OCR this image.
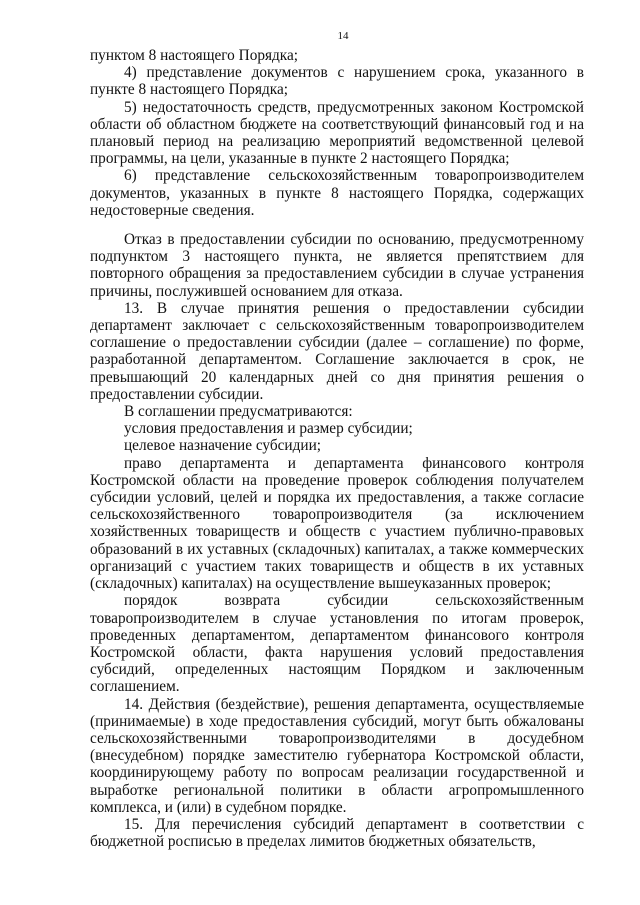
14

пунктом 8 настоящего Порядка;

4) представление документов с нарушением срока, указанного в пункте 8 настоящего Порядка;

5) недостаточность средств, предусмотренных законом Костромской области об областном бюджете на соответствующий финансовый год и на плановый период на реализацию мероприятий ведомственной целевой программы, на цели, указанные в пункте 2 настоящего Порядка;

6) представление сельскохозяйственным товаропроизводителем документов, указанных в пункте 8 настоящего Порядка, содержащих недостоверные сведения.

Отказ в предоставлении субсидии по основанию, предусмотренному подпунктом 3 настоящего пункта, не является препятствием для повторного обращения за предоставлением субсидии в случае устранения причины, послужившей основанием для отказа.

13. В случае принятия решения о предоставлении субсидии департамент заключает с сельскохозяйственным товаропроизводителем соглашение о предоставлении субсидии (далее – соглашение) по форме, разработанной департаментом. Соглашение заключается в срок, не превышающий 20 календарных дней со дня принятия решения о предоставлении субсидии.

В соглашении предусматриваются:

условия предоставления и размер субсидии;

целевое назначение субсидии;

право департамента и департамента финансового контроля Костромской области на проведение проверок соблюдения получателем субсидии условий, целей и порядка их предоставления, а также согласие сельскохозяйственного товаропроизводителя (за исключением хозяйственных товариществ и обществ с участием публично-правовых образований в их уставных (складочных) капиталах, а также коммерческих организаций с участием таких товариществ и обществ в их уставных (складочных) капиталах) на осуществление вышеуказанных проверок;

порядок возврата субсидии сельскохозяйственным товаропроизводителем в случае установления по итогам проверок, проведенных департаментом, департаментом финансового контроля Костромской области, факта нарушения условий предоставления субсидий, определенных настоящим Порядком и заключенным соглашением.

14. Действия (бездействие), решения департамента, осуществляемые (принимаемые) в ходе предоставления субсидий, могут быть обжалованы сельскохозяйственными товаропроизводителями в досудебном (внесудебном) порядке заместителю губернатора Костромской области, координирующему работу по вопросам реализации государственной и выработке региональной политики в области агропромышленного комплекса, и (или) в судебном порядке.

15. Для перечисления субсидий департамент в соответствии с бюджетной росписью в пределах лимитов бюджетных обязательств,
